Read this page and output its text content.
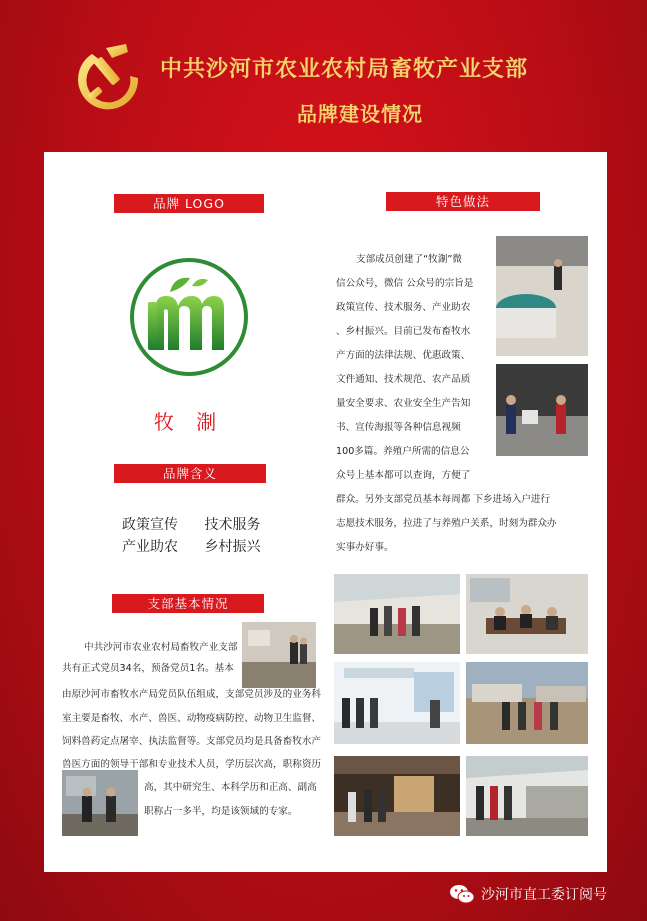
中共沙河市农业农村局畜牧产业支部
品牌建设情况
品牌 LOGO
牧 淛
品牌含义
政策宣传 技术服务
产业助农 乡村振兴
支部基本情况
中共沙河市农业农村局畜牧产业支部
共有正式党员34名，预备党员1名。基本
由原沙河市畜牧水产局党员队伍组成，支部党员涉及的业务科
室主要是畜牧、水产、兽医、动物疫病防控、动物卫生监督、
饲料兽药定点屠宰、执法监督等。支部党员均是具备畜牧水产
兽医方面的领导干部和专业技术人员，学历层次高，职称资历
高，其中研究生、本科学历和正高、副高
职称占一多半，均是该领域的专家。
特色做法
支部成员创建了“牧淛”微
信公众号，微信 公众号的宗旨是
政策宣传、技术服务、产业助农
、乡村振兴。目前已发布畜牧水
产方面的法律法规、优惠政策、
文件通知、技术规范、农产品质
量安全要求、农业安全生产告知
书、宣传海报等各种信息视频
100多篇。养殖户所需的信息公
众号上基本都可以查询，方便了
群众。另外支部党员基本每周都 下乡进场入户进行
志愿技术服务，拉进了与养殖户关系，时刻为群众办
实事办好事。
沙河市直工委订阅号
